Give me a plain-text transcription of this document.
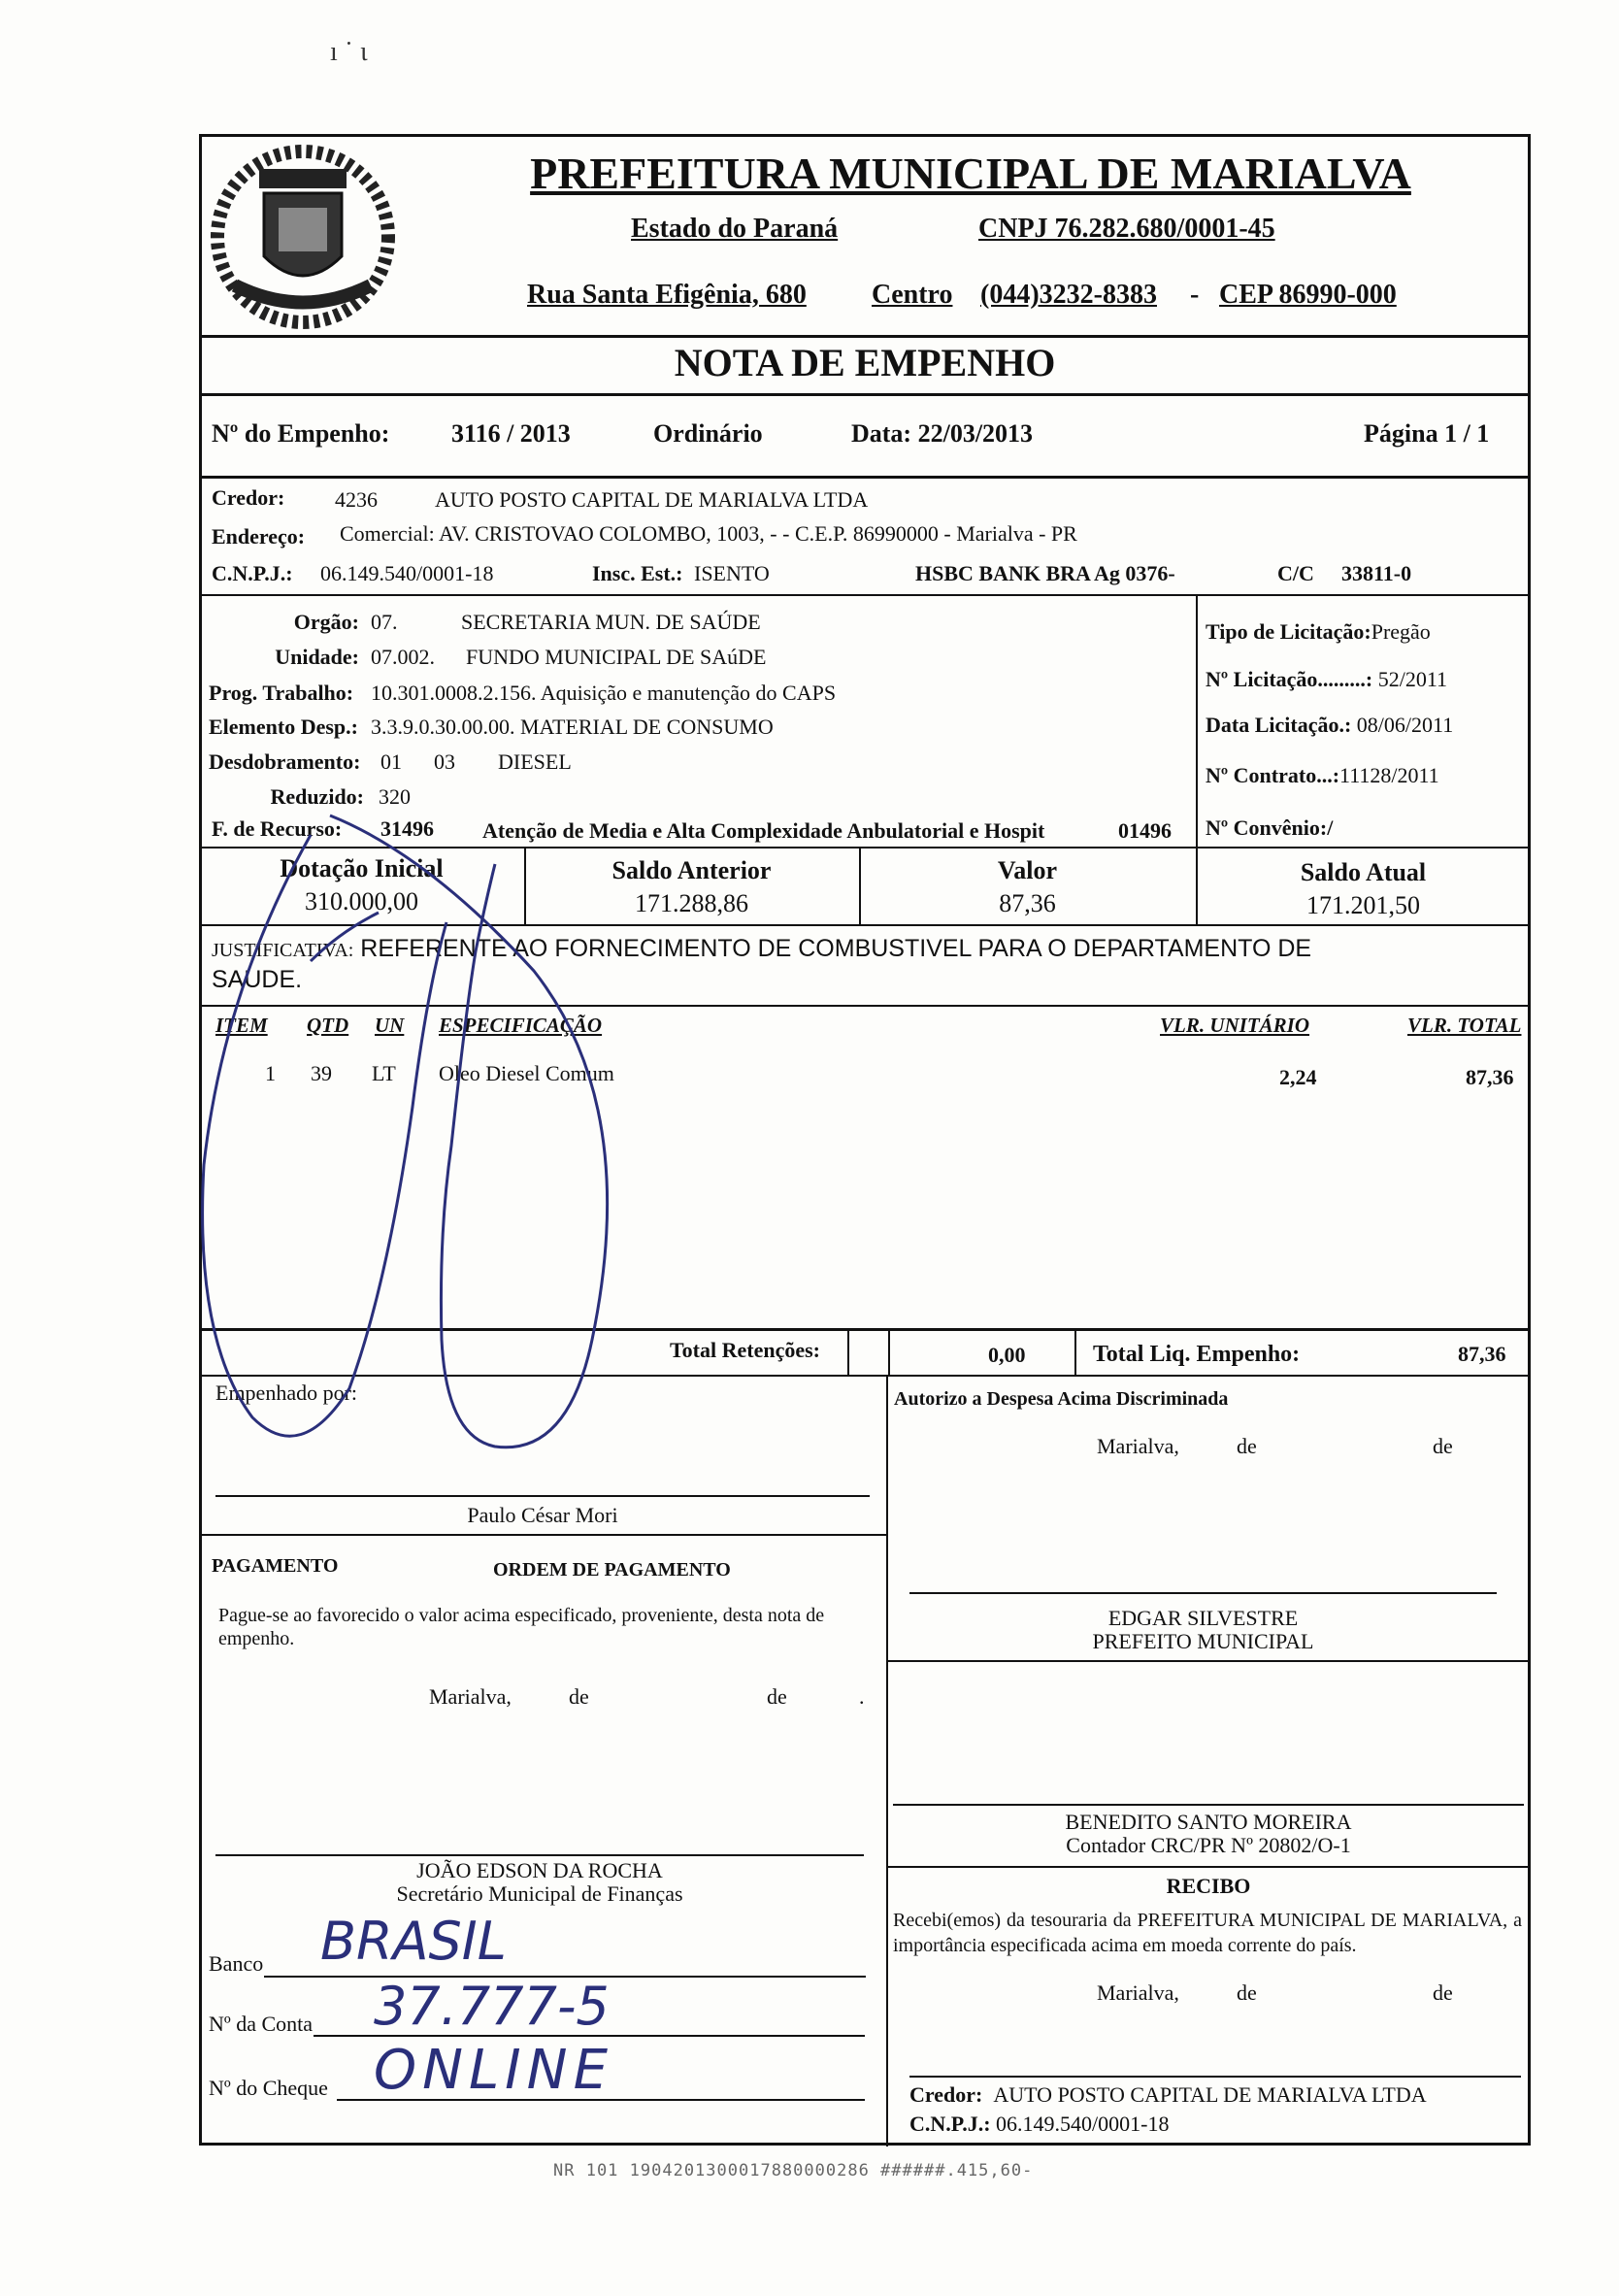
ı ˙ ɩ
PREFEITURA MUNICIPAL DE MARIALVA
Estado do Paraná	CNPJ 76.282.680/0001-45
Rua Santa Efigênia, 680 Centro (044)3232-8383 - CEP 86990-000
NOTA DE EMPENHO
Nº do Empenho: 3116 / 2013	Ordinário	Data: 22/03/2013	Página 1 / 1
Credor: 4236	AUTO POSTO CAPITAL DE MARIALVA LTDA
Endereço: Comercial: AV. CRISTOVAO COLOMBO, 1003, - - C.E.P. 86990000 - Marialva - PR
C.N.P.J.: 06.149.540/0001-18	Insc. Est.: ISENTO	HSBC BANK BRA Ag 0376-	C/C 33811-0
Orgão: 07.	SECRETARIA MUN. DE SAÚDE
Unidade: 07.002. FUNDO MUNICIPAL DE SAúDE
Prog. Trabalho: 10.301.0008.2.156. Aquisição e manutenção do CAPS
Elemento Desp.: 3.3.9.0.30.00.00. MATERIAL DE CONSUMO
Desdobramento: 01      03        DIESEL
Reduzido: 320
F. de Recurso: 31496 Atenção de Media e Alta Complexidade Anbulatorial e Hospit	01496
Tipo de Licitação:Pregão
Nº Licitação.........: 52/2011
Data Licitação.: 08/06/2011
Nº Contrato...:11128/2011
Nº Convênio:/
Dotação Inicial
310.000,00
Saldo Anterior
171.288,86
Valor
87,36
Saldo Atual
171.201,50
JUSTIFICATIVA: REFERENTE AO FORNECIMENTO DE COMBUSTIVEL PARA O DEPARTAMENTO DE
SAUDE.
ITEM QTD UN ESPECIFICAÇÃO	VLR. UNITÁRIO	VLR. TOTAL
1 39 LT Oleo Diesel Comum	2,24	87,36
Total Retenções:	0,00	Total Liq. Empenho:	87,36
Empenhado por:
Paulo César Mori
Autorizo a Despesa Acima Discriminada
Marialva,	de	de
EDGAR SILVESTRE
PREFEITO MUNICIPAL
PAGAMENTO	ORDEM DE PAGAMENTO
Pague-se ao favorecido o valor acima especificado, proveniente, desta nota de empenho.
Marialva,	de	de	.
JOÃO EDSON DA ROCHA
Secretário Municipal de Finanças
BENEDITO SANTO MOREIRA
Contador CRC/PR Nº 20802/O-1
RECIBO
Recebi(emos) da tesouraria da PREFEITURA MUNICIPAL DE MARIALVA, a importância especificada acima em moeda corrente do país.
Marialva,	de	de
Credor: AUTO POSTO CAPITAL DE MARIALVA LTDA
C.N.P.J.: 06.149.540/0001-18
Banco BRASIL
Nº da Conta 37.777-5
Nº do Cheque ONLINE
NR 101 1904201300017880000286 ######.415,60-
